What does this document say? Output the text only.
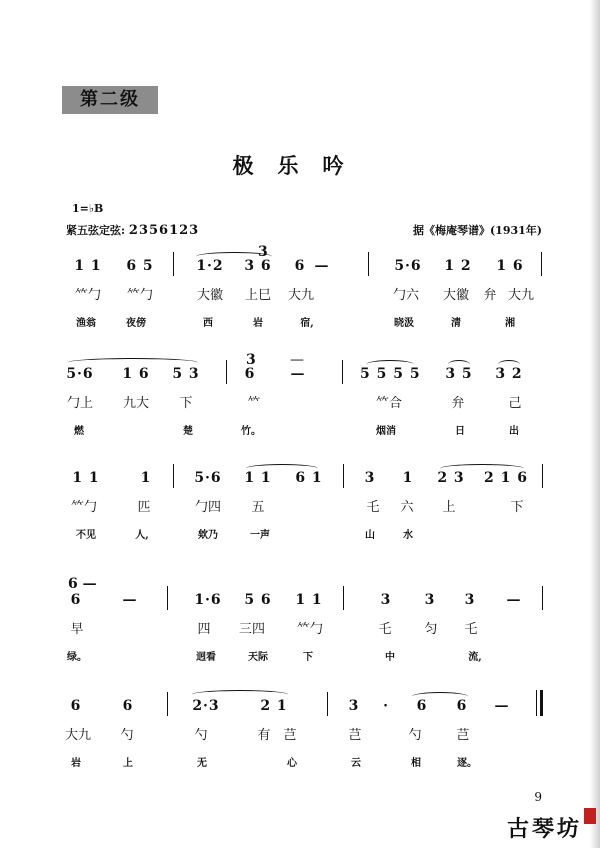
第二级
极乐吟
1=♭B
紧五弦定弦: 2356123	据《梅庵琴谱》(1931年)
3
1 1	6 5	1·2	3 6	6 —	5·6	1 2	1 6
𥫗勹	𥫗勹	大徽	上巳	大九	勹六	大徽	弁 大九
渔翁	夜傍	西	岩	宿,	晓汲	清	湘
3 —
5·6	1 6	5 3	6	—	5 5 5 5 3 5 3 2
勹上	九大	下	𥫗	𥫗合	弁	己
燃	楚	竹。	烟消	日	出
1 1	1	5·6	1 1	6 1	3	1	2 3 2 1 6
𥫗勹	匹	勹四	五	乇	六	上	下
不见	人,	欸乃	一声	山	水
6 —
6	—	1·6	5 6	1 1	3	3	3	—
早	四	三四	𥫗勹	乇	匀	乇
绿。	迥看	天际	下	中	流,
6	6	2·3	2 1	3	·	6	6	—
大九	勺	勺	有 芑	芑	勺	芑
岩	上	无	心	云	相	逐。
9
古琴坊
